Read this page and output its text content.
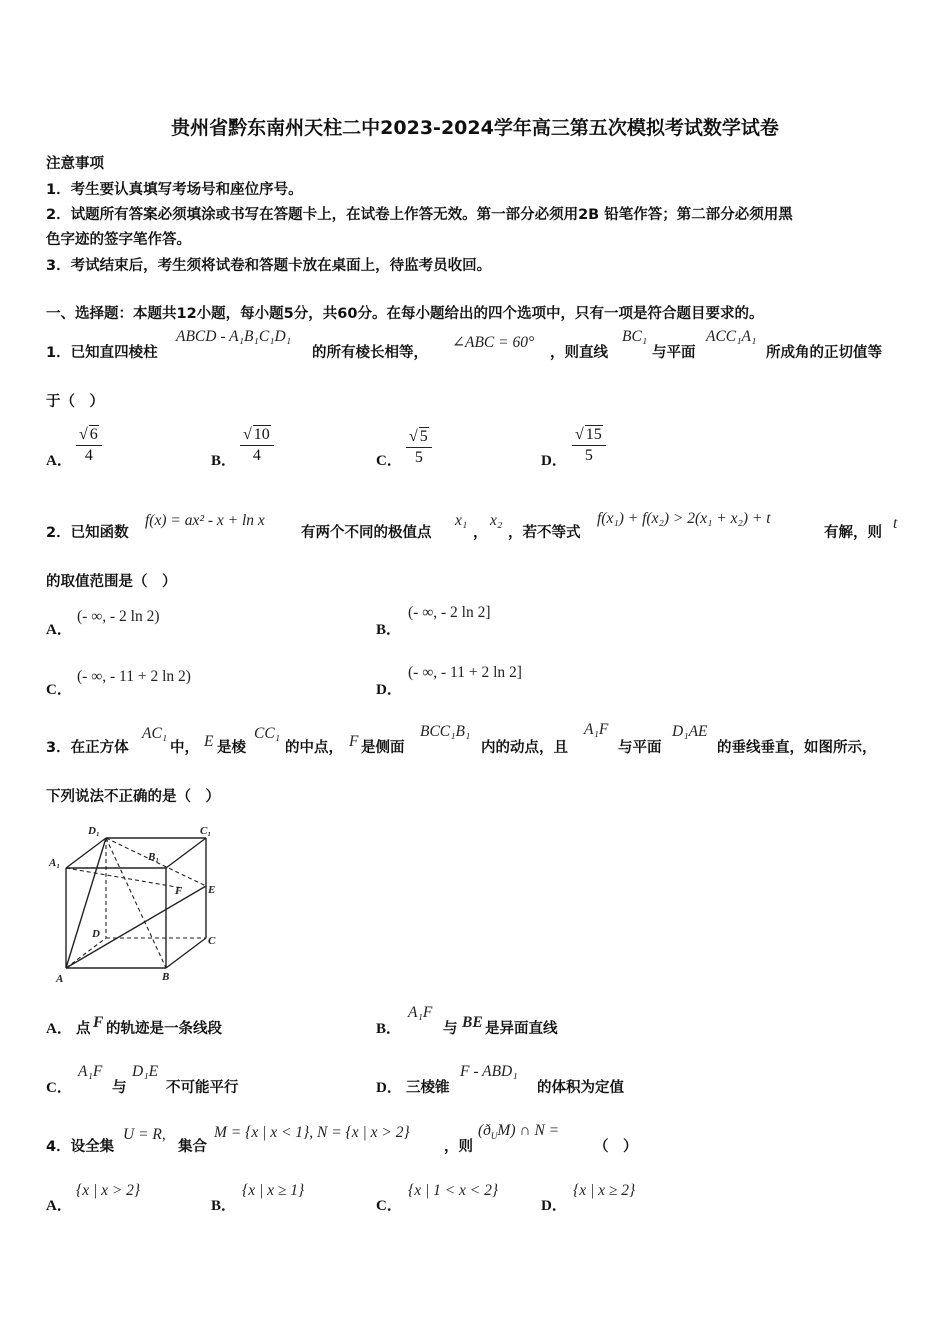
贵州省黔东南州天柱二中2023-2024学年高三第五次模拟考试数学试卷
注意事项
1．考生要认真填写考场号和座位序号。
2．试题所有答案必须填涂或书写在答题卡上，在试卷上作答无效。第一部分必须用2B 铅笔作答；第二部分必须用黑
色字迹的签字笔作答。
3．考试结束后，考生须将试卷和答题卡放在桌面上，待监考员收回。
一、选择题：本题共12小题，每小题5分，共60分。在每小题给出的四个选项中，只有一项是符合题目要求的。
1．已知直四棱柱
ABCD - A₁B₁C₁D₁
的所有棱长相等，
∠ABC = 60°
，则直线
BC₁
与平面
ACC₁A₁
所成角的正切值等
于（　）
A． $\frac{√ 6}{4}$	B． $\frac{√ 10}{4}$	C． $\frac{√ 5}{5}$	D． $\frac{√ 15}{5}$
2．已知函数
f(x) = ax² - x + ln x
有两个不同的极值点
x₁
，
x₂
，若不等式
f(x₁) + f(x₂) > 2(x₁ + x₂) + t
有解，则
t
的取值范围是（　）
A．
(- ∞, - 2 ln 2)
B．
(- ∞, - 2 ln 2]
C．
(- ∞, - 11 + 2 ln 2)
D．
(- ∞, - 11 + 2 ln 2]
3．在正方体
AC₁
中， E 是棱
CC₁
的中点， F 是侧面
BCC₁B₁
内的动点，且
A₁F
与平面
D₁AE
的垂线垂直，如图所示，
下列说法不正确的是（　）
D₁	C₁
A₁	B₁
F E
D
C
A	B
A． 点 F 的轨迹是一条线段	B．
A₁F
与 BE 是异面直线
C．
A₁F
与
D₁E
不可能平行	D． 三棱锥
F - ABD₁
的体积为定值
4．设全集
U = R,
集合
M = {x | x < 1}, N = {x | x > 2}
，则
$(ð_UM)$ ∩ N =
（　）
A．
{x | x > 2}
B．
{x | x ≥ 1}
C．
{x | 1 < x < 2}
D．
{x | x ≥ 2}
